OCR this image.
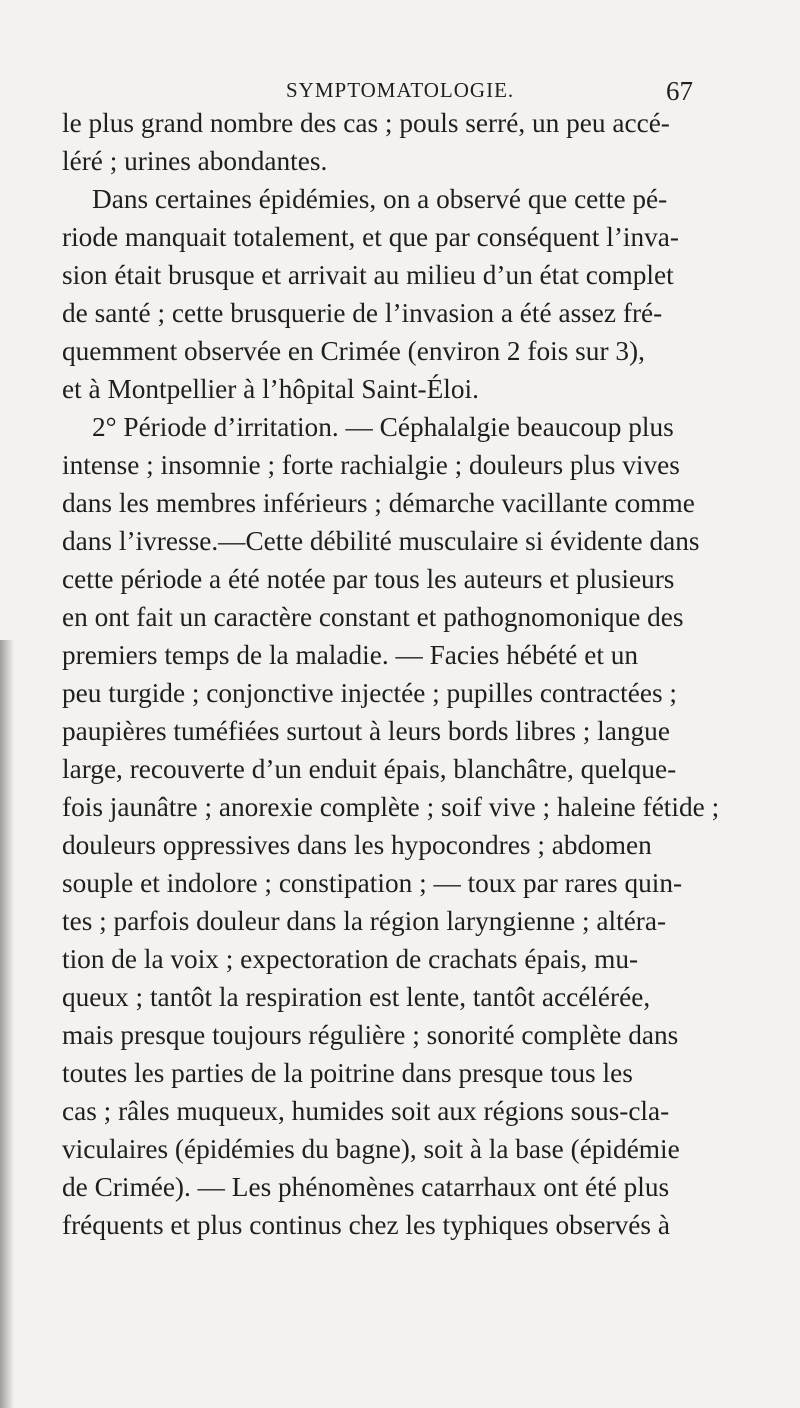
SYMPTOMATOLOGIE.	67
le plus grand nombre des cas ; pouls serré, un peu accé-
léré ; urines abondantes.
Dans certaines épidémies, on a observé que cette pé-
riode manquait totalement, et que par conséquent l’inva-
sion était brusque et arrivait au milieu d’un état complet
de santé ; cette brusquerie de l’invasion a été assez fré-
quemment observée en Crimée (environ 2 fois sur 3),
et à Montpellier à l’hôpital Saint-Éloi.
2° Période d’irritation. — Céphalalgie beaucoup plus
intense ; insomnie ; forte rachialgie ; douleurs plus vives
dans les membres inférieurs ; démarche vacillante comme
dans l’ivresse.—Cette débilité musculaire si évidente dans
cette période a été notée par tous les auteurs et plusieurs
en ont fait un caractère constant et pathognomonique des
premiers temps de la maladie. — Facies hébété et un
peu turgide ; conjonctive injectée ; pupilles contractées ;
paupières tuméfiées surtout à leurs bords libres ; langue
large, recouverte d’un enduit épais, blanchâtre, quelque-
fois jaunâtre ; anorexie complète ; soif vive ; haleine fétide ;
douleurs oppressives dans les hypocondres ; abdomen
souple et indolore ; constipation ; — toux par rares quin-
tes ; parfois douleur dans la région laryngienne ; altéra-
tion de la voix ; expectoration de crachats épais, mu-
queux ; tantôt la respiration est lente, tantôt accélérée,
mais presque toujours régulière ; sonorité complète dans
toutes les parties de la poitrine dans presque tous les
cas ; râles muqueux, humides soit aux régions sous-cla-
viculaires (épidémies du bagne), soit à la base (épidémie
de Crimée). — Les phénomènes catarrhaux ont été plus
fréquents et plus continus chez les typhiques observés à
